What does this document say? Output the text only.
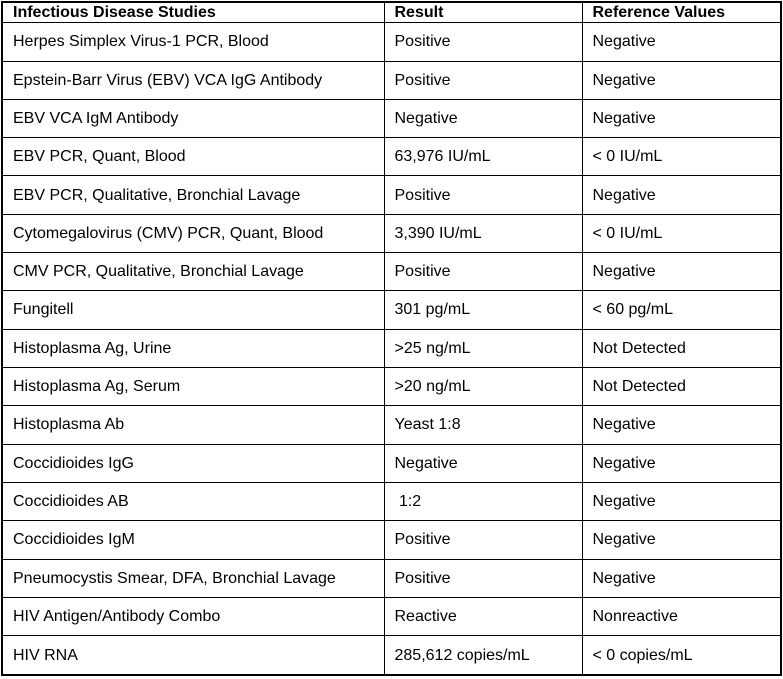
Infectious Disease Studies	Result	Reference Values
Herpes Simplex Virus-1 PCR, Blood	Positive	Negative
Epstein-Barr Virus (EBV) VCA IgG Antibody	Positive	Negative
EBV VCA IgM Antibody	Negative	Negative
EBV PCR, Quant, Blood	63,976 IU/mL	< 0 IU/mL
EBV PCR, Qualitative, Bronchial Lavage	Positive	Negative
Cytomegalovirus (CMV) PCR, Quant, Blood	3,390 IU/mL	< 0 IU/mL
CMV PCR, Qualitative, Bronchial Lavage	Positive	Negative
Fungitell	301 pg/mL	< 60 pg/mL
Histoplasma Ag, Urine	>25 ng/mL	Not Detected
Histoplasma Ag, Serum	>20 ng/mL	Not Detected
Histoplasma Ab	Yeast 1:8	Negative
Coccidioides IgG	Negative	Negative
Coccidioides AB	1:2	Negative
Coccidioides IgM	Positive	Negative
Pneumocystis Smear, DFA, Bronchial Lavage	Positive	Negative
HIV Antigen/Antibody Combo	Reactive	Nonreactive
HIV RNA	285,612 copies/mL	< 0 copies/mL
